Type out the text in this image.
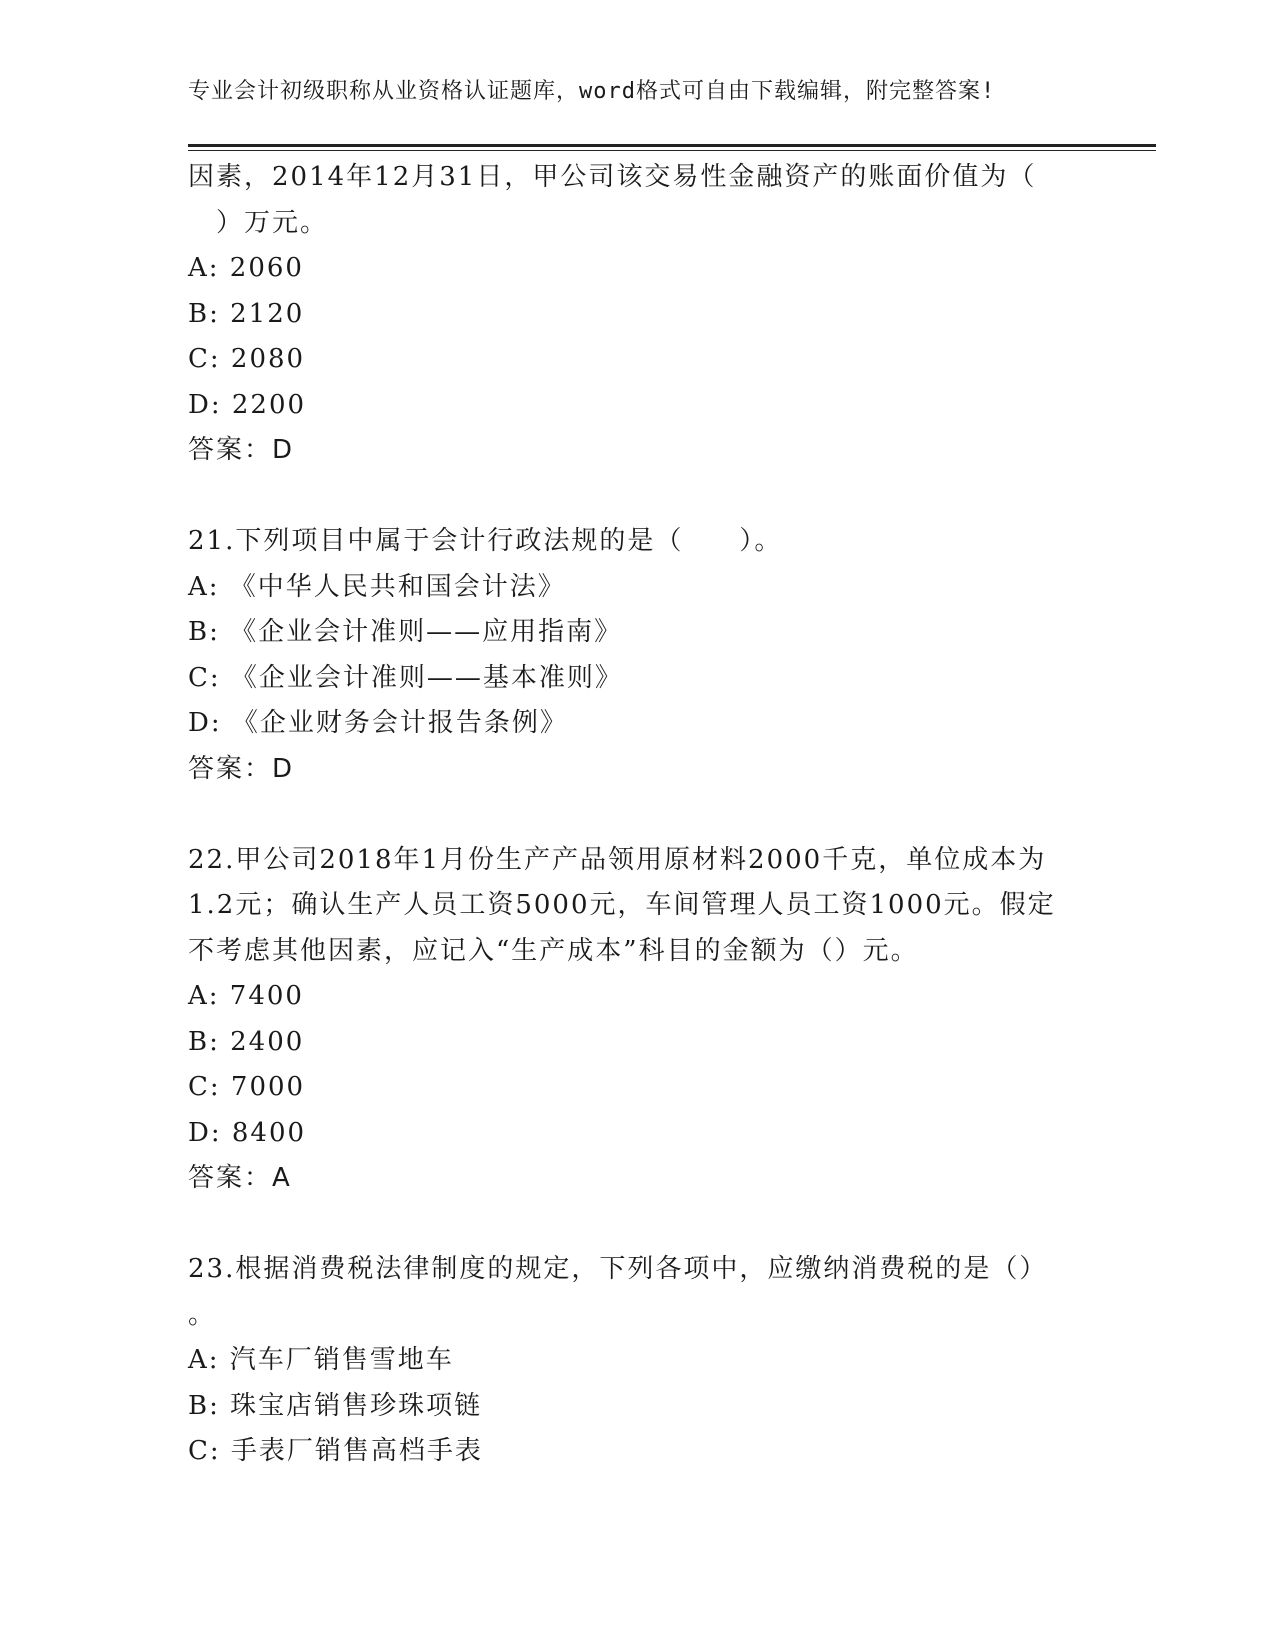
专业会计初级职称从业资格认证题库，word格式可自由下载编辑，附完整答案!
因素，2014年12月31日，甲公司该交易性金融资产的账面价值为（
　）万元。
A: 2060
B: 2120
C: 2080
D: 2200
答案：D
21.下列项目中属于会计行政法规的是（　　）。
A: 《中华人民共和国会计法》
B: 《企业会计准则——应用指南》
C: 《企业会计准则——基本准则》
D: 《企业财务会计报告条例》
答案：D
22.甲公司2018年1月份生产产品领用原材料2000千克，单位成本为
1.2元；确认生产人员工资5000元，车间管理人员工资1000元。假定
不考虑其他因素，应记入“生产成本”科目的金额为（）元。
A: 7400
B: 2400
C: 7000
D: 8400
答案：A
23.根据消费税法律制度的规定，下列各项中，应缴纳消费税的是（）
。
A: 汽车厂销售雪地车
B: 珠宝店销售珍珠项链
C: 手表厂销售高档手表
